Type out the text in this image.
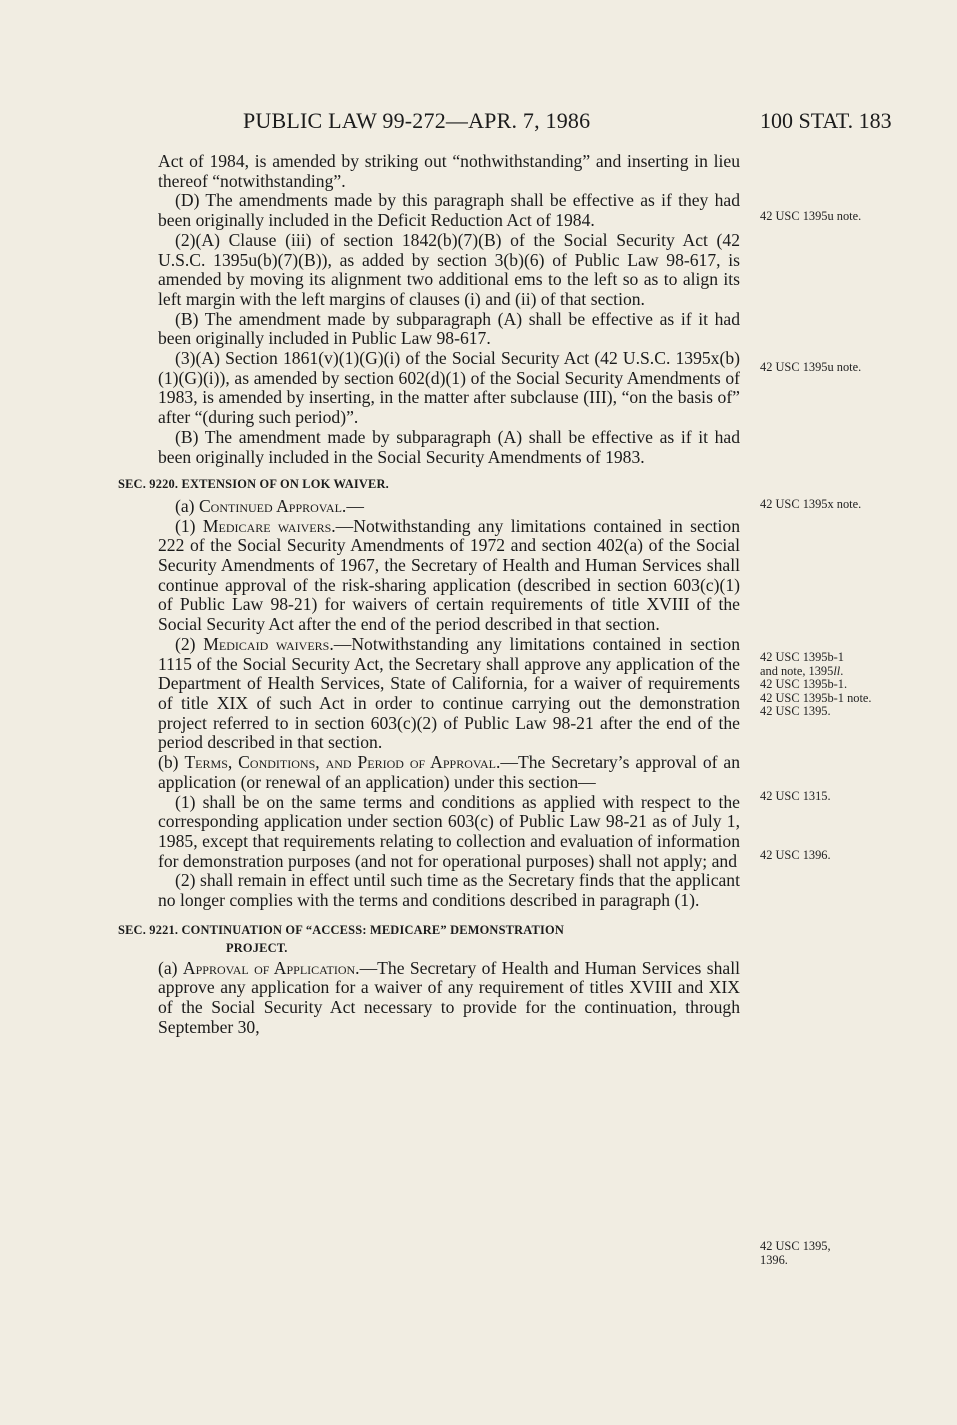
PUBLIC LAW 99-272—APR. 7, 1986	100 STAT. 183

Act of 1984, is amended by striking out “nothwithstanding” and inserting in lieu thereof “notwithstanding”.

(D) The amendments made by this paragraph shall be effective as if they had been originally included in the Deficit Reduction Act of 1984.

(2)(A) Clause (iii) of section 1842(b)(7)(B) of the Social Security Act (42 U.S.C. 1395u(b)(7)(B)), as added by section 3(b)(6) of Public Law 98-617, is amended by moving its alignment two additional ems to the left so as to align its left margin with the left margins of clauses (i) and (ii) of that section.

(B) The amendment made by subparagraph (A) shall be effective as if it had been originally included in Public Law 98-617.

(3)(A) Section 1861(v)(1)(G)(i) of the Social Security Act (42 U.S.C. 1395x(b)(1)(G)(i)), as amended by section 602(d)(1) of the Social Security Amendments of 1983, is amended by inserting, in the matter after subclause (III), “on the basis of” after “(during such period)”.

(B) The amendment made by subparagraph (A) shall be effective as if it had been originally included in the Social Security Amendments of 1983.

SEC. 9220. EXTENSION OF ON LOK WAIVER.

(a) Continued Approval.—

(1) Medicare waivers.—Notwithstanding any limitations contained in section 222 of the Social Security Amendments of 1972 and section 402(a) of the Social Security Amendments of 1967, the Secretary of Health and Human Services shall continue approval of the risk-sharing application (described in section 603(c)(1) of Public Law 98-21) for waivers of certain requirements of title XVIII of the Social Security Act after the end of the period described in that section.

(2) Medicaid waivers.—Notwithstanding any limitations contained in section 1115 of the Social Security Act, the Secretary shall approve any application of the Department of Health Services, State of California, for a waiver of requirements of title XIX of such Act in order to continue carrying out the demonstration project referred to in section 603(c)(2) of Public Law 98-21 after the end of the period described in that section.

(b) Terms, Conditions, and Period of Approval.—The Secretary’s approval of an application (or renewal of an application) under this section—

(1) shall be on the same terms and conditions as applied with respect to the corresponding application under section 603(c) of Public Law 98-21 as of July 1, 1985, except that requirements relating to collection and evaluation of information for demonstration purposes (and not for operational purposes) shall not apply; and

(2) shall remain in effect until such time as the Secretary finds that the applicant no longer complies with the terms and conditions described in paragraph (1).

SEC. 9221. CONTINUATION OF “ACCESS: MEDICARE” DEMONSTRATION
PROJECT.

(a) Approval of Application.—The Secretary of Health and Human Services shall approve any application for a waiver of any requirement of titles XVIII and XIX of the Social Security Act necessary to provide for the continuation, through September 30,

42 USC 1395u note.
42 USC 1395u note.
42 USC 1395x note.
42 USC 1395b-1
and note, 1395ll.
42 USC 1395b-1.
42 USC 1395b-1 note.
42 USC 1395.
42 USC 1315.
42 USC 1396.
42 USC 1395,
1396.
